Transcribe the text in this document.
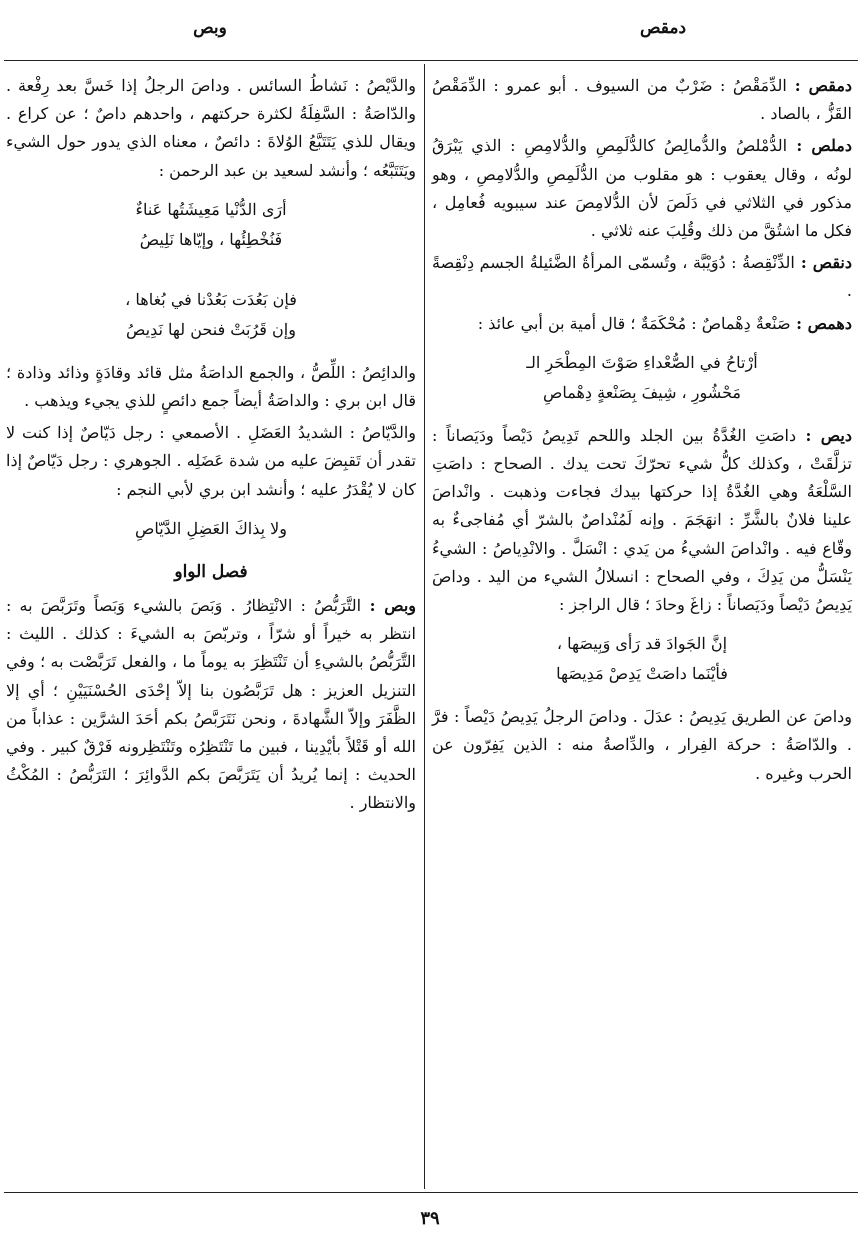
دمقص
وبص
دمقص : الدِّمَقْصُ : ضَرْبٌ من السيوف . أبو عمرو : الدِّمَقْصُ القَزُّ ، بالصاد .
دملص : الدُّمْلصُ والدُّمالِصُ كالدُّلَمِصِ والدُّلامِصِ : الذي يَبْرَقُ لونُه ، وقال يعقوب : هو مقلوب من الدُّلَمِصِ والدُّلامِصِ ، وهو مذكور في الثلاثي في دَلَصَ لأن الدُّلامِصَ عند سيبويه فُعامِل ، فكل ما اشتُقَّ من ذلك وقُلِبَ عنه ثلاثي .
دنقص : الدِّنْقِصةُ : دُوَيْبَّة ، وتُسمّى المرأةُ الضَّئيلةُ الجسم دِنْقِصةً .
دهمص : صَنْعةٌ دِهْماصٌ : مُحْكَمَةٌ ؛ قال أمية بن أبي عائذ :
أرْتاحُ في الصُّعْداءِ صَوْتَ المِطْحَرِ الـ
مَحْشُورِ ، شِيفَ بِصَنْعةٍ دِهْماصِ
ديص : داصَتِ الغُدَّةُ بين الجلد واللحم تَدِيصُ دَيْصاً ودَيَصاناً : تزلَّقَتْ ، وكذلك كلُّ شيء تحرّكَ تحت يدك . الصحاح : داصَتِ السَّلْعَةُ وهي الغُدَّةُ إذا حركتها بيدك فجاءت وذهبت . وانْداصَ علينا فلانٌ بالشَّرِّ : انهَجَمَ . وإنه لَمُنْداصٌ بالشرّ أي مُفاجىءٌ به وقّاع فيه . وانْداصَ الشيءُ من يَدي : انْسَلَّ . والانْدِياصُ : الشيءُ يَنْسَلُّ من يَدِكَ ، وفي الصحاح : انسلالُ الشيء من اليد . وداصَ يَدِيصُ دَيْصاً ودَيَصاناً : زاغَ وحادَ ؛ قال الراجز :
إنَّ الجَوادَ قد رَأى وَبِيصَها ،
فأيْنَما داصَتْ يَدِصْ مَدِيصَها
وداصَ عن الطريق يَدِيصُ : عدَلَ . وداصَ الرجلُ يَدِيصُ دَيْصاً : فرَّ . والدّاصَةُ : حركة الفِرار ، والدِّاصةُ منه : الذين يَفِرّون عن الحرب وغيره .
والدَّيْصُ : نَشاطُ السائس . وداصَ الرجلُ إذا خَسَّ بعد رِفْعة . والدّاصَةُ : السَّفِلَةُ لكثرة حركتهم ، واحدهم داصٌ ؛ عن كراع . ويقال للذي يَتَتَبَّعُ الوُلاةَ : دائصٌ ، معناه الذي يدور حول الشيء ويَتَتَبَّعُه ؛ وأنشد لسعيد بن عبد الرحمن :
أرَى الدُّنْيا مَعِيشَتُها عَناءٌ
فَنُخْطِئُها ، وإيّاها نَلِيصُ

فإن بَعُدَت بَعُدْنا في بُغاها ،
وإن قَرُبَتْ فنحن لها نَدِيصُ
والدائِصُ : اللِّصُّ ، والجمع الداصَةُ مثل قائد وقادَةٍ وذائد وذادة ؛ قال ابن بري : والداصَةُ أيضاً جمع دائصٍ للذي يجيء ويذهب .
والدَّيّاصُ : الشديدُ العَضَلِ . الأصمعي : رجل دَيّاصٌ إذا كنت لا تقدر أن تَقبِضَ عليه من شدة عَضَلِه . الجوهري : رجل دَيّاصٌ إذا كان لا يُقْدَرُ عليه ؛ وأنشد ابن بري لأبي النجم :
ولا بِذاكَ العَضِلِ الدَّيّاصِ
فصل الواو
وبص : التَّرَبُّصُ : الانْتِظارُ . وَبَصَ بالشيء وَبَصاً وتَرَبَّصَ به : انتظر به خيراً أو شرّاً ، وتربّصَ به الشيءَ : كذلك . الليث : التَّرَبُّصُ بالشيءِ أن تَنْتَظِرَ به يوماً ما ، والفعل تَرَبَّصْت به ؛ وفي التنزيل العزيز : هل تَرَبَّصُون بنا إلاّ إحْدَى الحُسْنَيَيْنِ ؛ أي إلا الظَّفَرَ وإلاّ الشَّهادةَ ، ونحن نَتَرَبَّصُ بكم أحَدَ الشرَّين : عذاباً من الله أو قَتْلاً بأيْدِينا ، فبين ما تَنْتَظِرُه وتَنْتَظِرونه فَرْقٌ كبير . وفي الحديث : إنما يُريدُ أن يَتَرَبَّصَ بكم الدَّوائِرَ ؛ التَرَبُّصُ : المُكْثُ والانتظار .
٣٩
